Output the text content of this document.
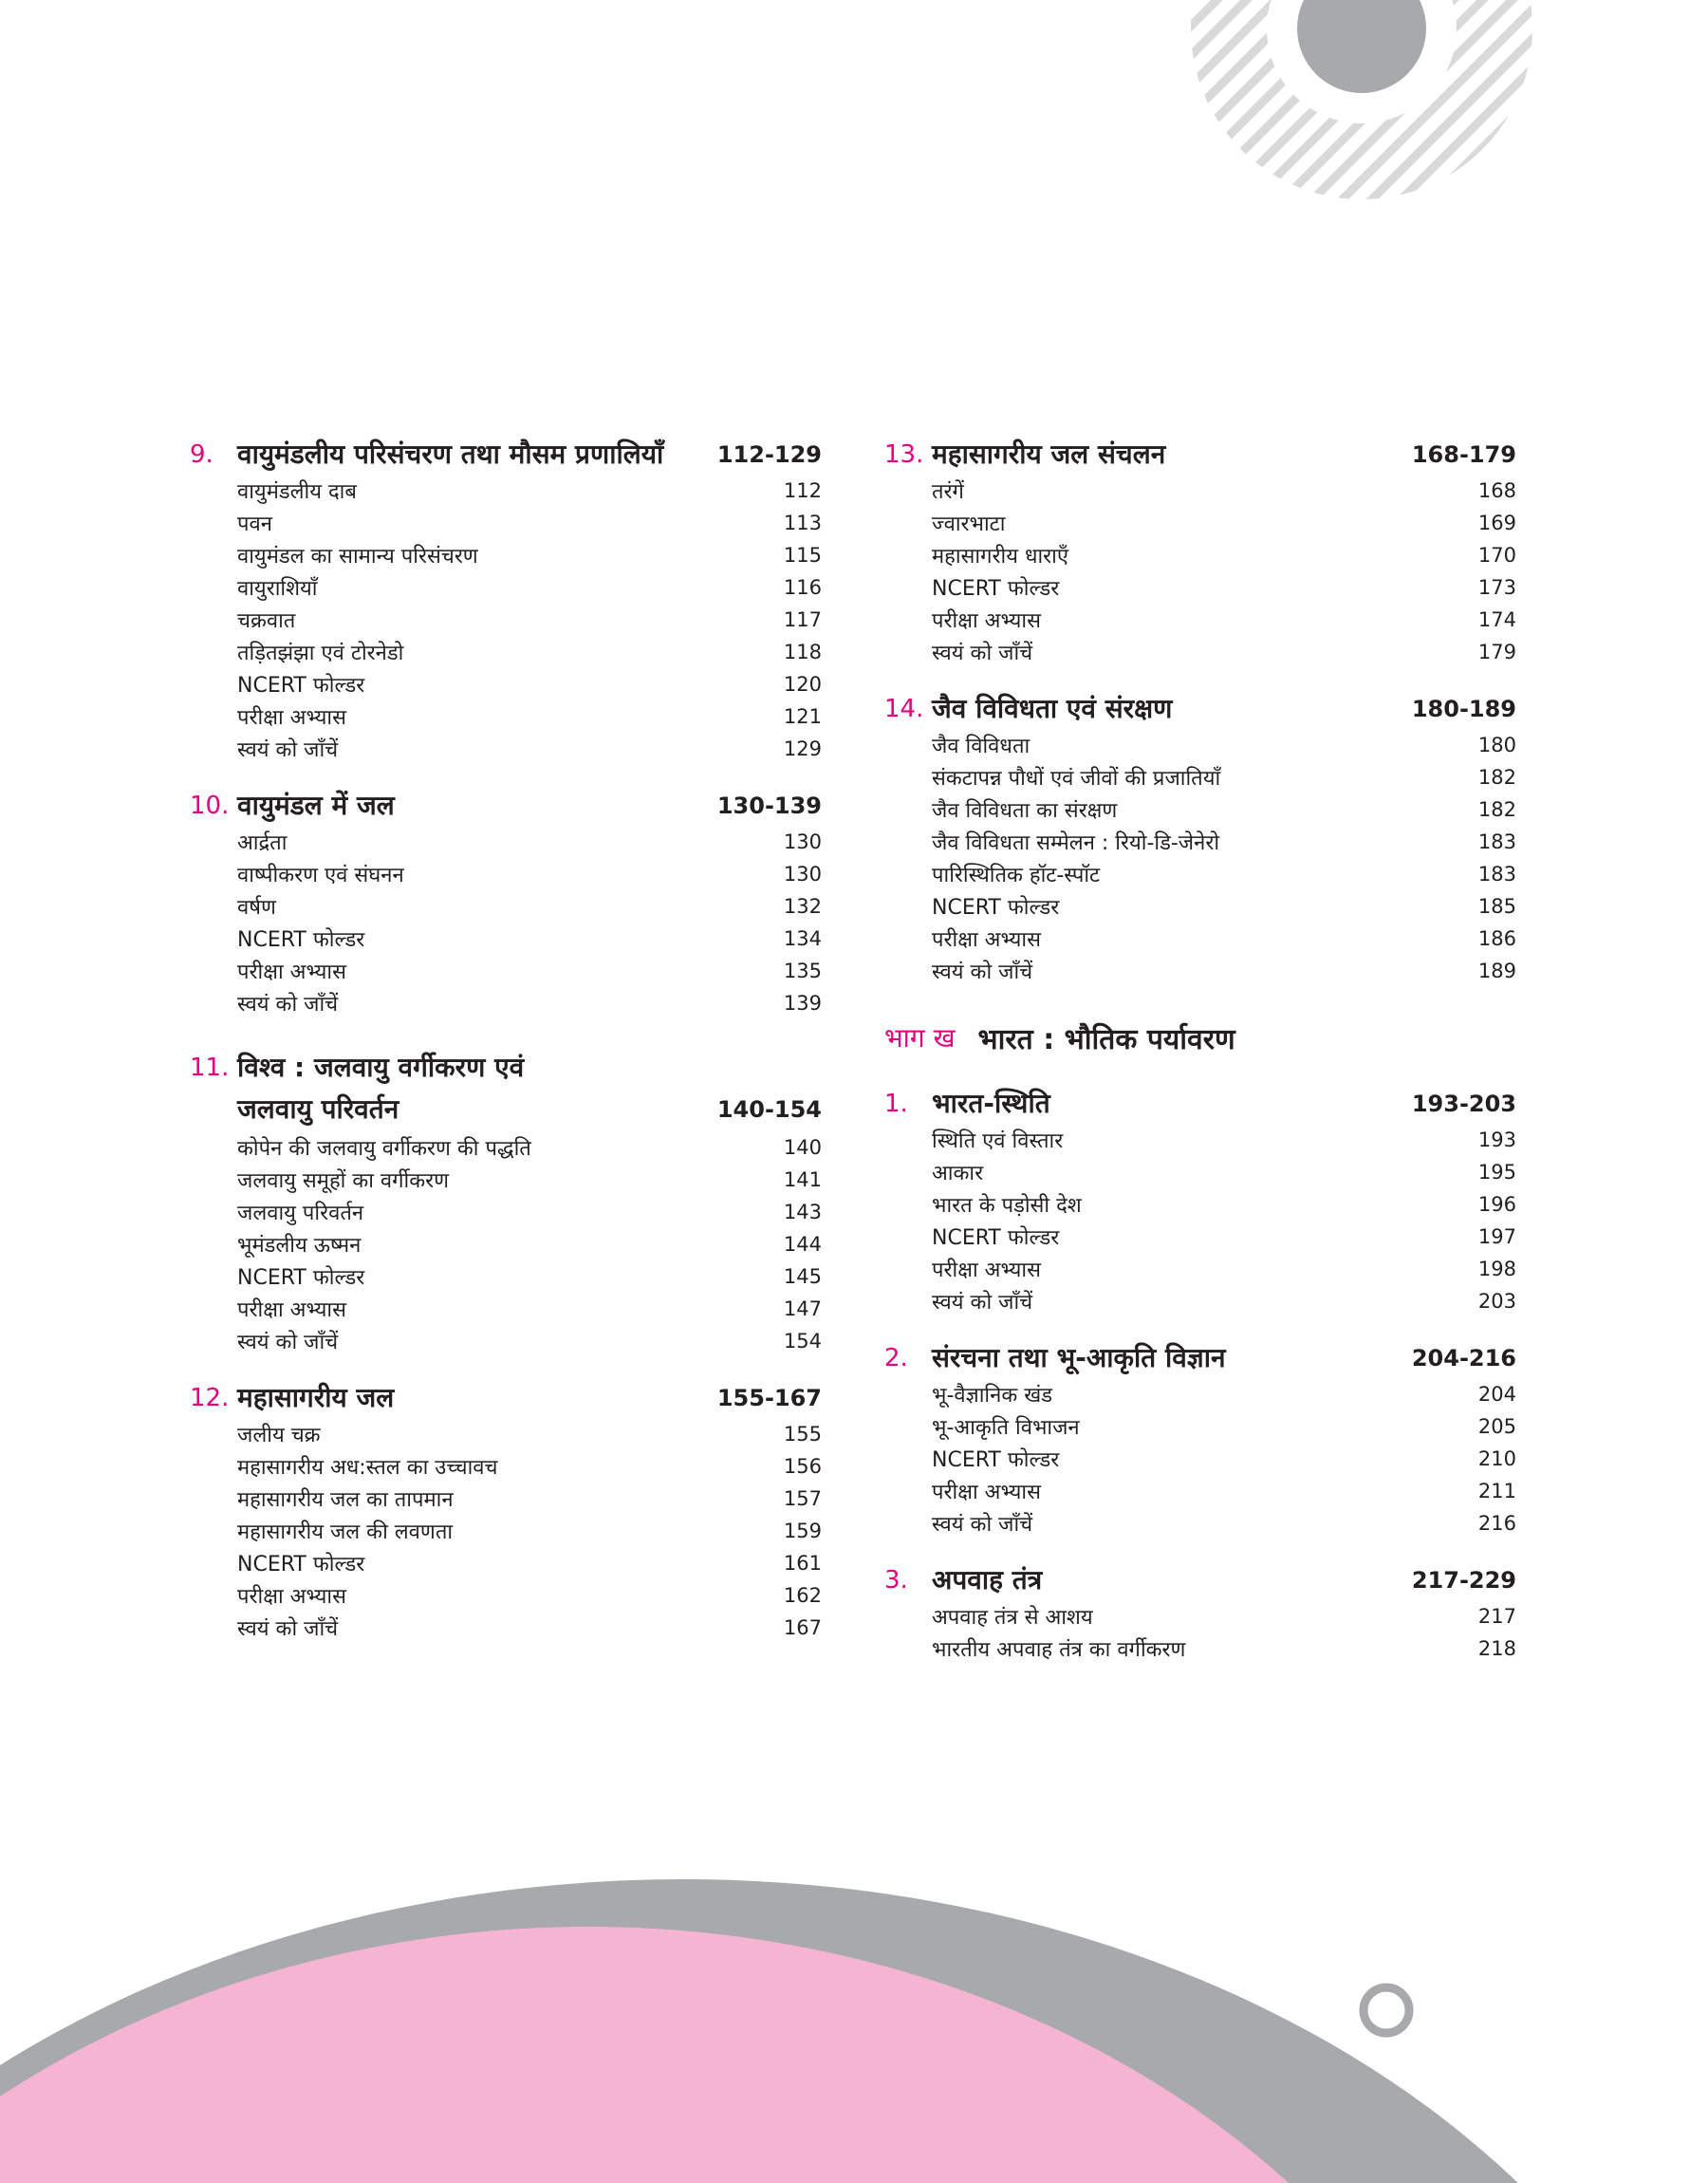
9. वायुमंडलीय परिसंचरण तथा मौसम प्रणालियाँ 112-129
वायुमंडलीय दाब	112
पवन	113
वायुमंडल का सामान्य परिसंचरण	115
वायुराशियाँ	116
चक्रवात	117
तड़ितझंझा एवं टोरनेडो	118
NCERT फोल्डर	120
परीक्षा अभ्यास	121
स्वयं को जाँचें	129
10. वायुमंडल में जल	130-139
आर्द्रता	130
वाष्पीकरण एवं संघनन	130
वर्षण	132
NCERT फोल्डर	134
परीक्षा अभ्यास	135
स्वयं को जाँचें	139
11. विश्व : जलवायु वर्गीकरण एवं
जलवायु परिवर्तन	140-154
कोपेन की जलवायु वर्गीकरण की पद्धति	140
जलवायु समूहों का वर्गीकरण	141
जलवायु परिवर्तन	143
भूमंडलीय ऊष्मन	144
NCERT फोल्डर	145
परीक्षा अभ्यास	147
स्वयं को जाँचें	154
12. महासागरीय जल	155-167
जलीय चक्र	155
महासागरीय अध:स्तल का उच्चावच	156
महासागरीय जल का तापमान	157
महासागरीय जल की लवणता	159
NCERT फोल्डर	161
परीक्षा अभ्यास	162
स्वयं को जाँचें	167
13. महासागरीय जल संचलन	168-179
तरंगें	168
ज्वारभाटा	169
महासागरीय धाराएँ	170
NCERT फोल्डर	173
परीक्षा अभ्यास	174
स्वयं को जाँचें	179
14. जैव विविधता एवं संरक्षण	180-189
जैव विविधता	180
संकटापन्न पौधों एवं जीवों की प्रजातियाँ	182
जैव विविधता का संरक्षण	182
जैव विविधता सम्मेलन : रियो-डि-जेनेरो	183
पारिस्थितिक हॉट-स्पॉट	183
NCERT फोल्डर	185
परीक्षा अभ्यास	186
स्वयं को जाँचें	189
भाग ख भारत : भौतिक पर्यावरण
1. भारत-स्थिति	193-203
स्थिति एवं विस्तार	193
आकार	195
भारत के पड़ोसी देश	196
NCERT फोल्डर	197
परीक्षा अभ्यास	198
स्वयं को जाँचें	203
2. संरचना तथा भू-आकृति विज्ञान	204-216
भू-वैज्ञानिक खंड	204
भू-आकृति विभाजन	205
NCERT फोल्डर	210
परीक्षा अभ्यास	211
स्वयं को जाँचें	216
3. अपवाह तंत्र	217-229
अपवाह तंत्र से आशय	217
भारतीय अपवाह तंत्र का वर्गीकरण	218
